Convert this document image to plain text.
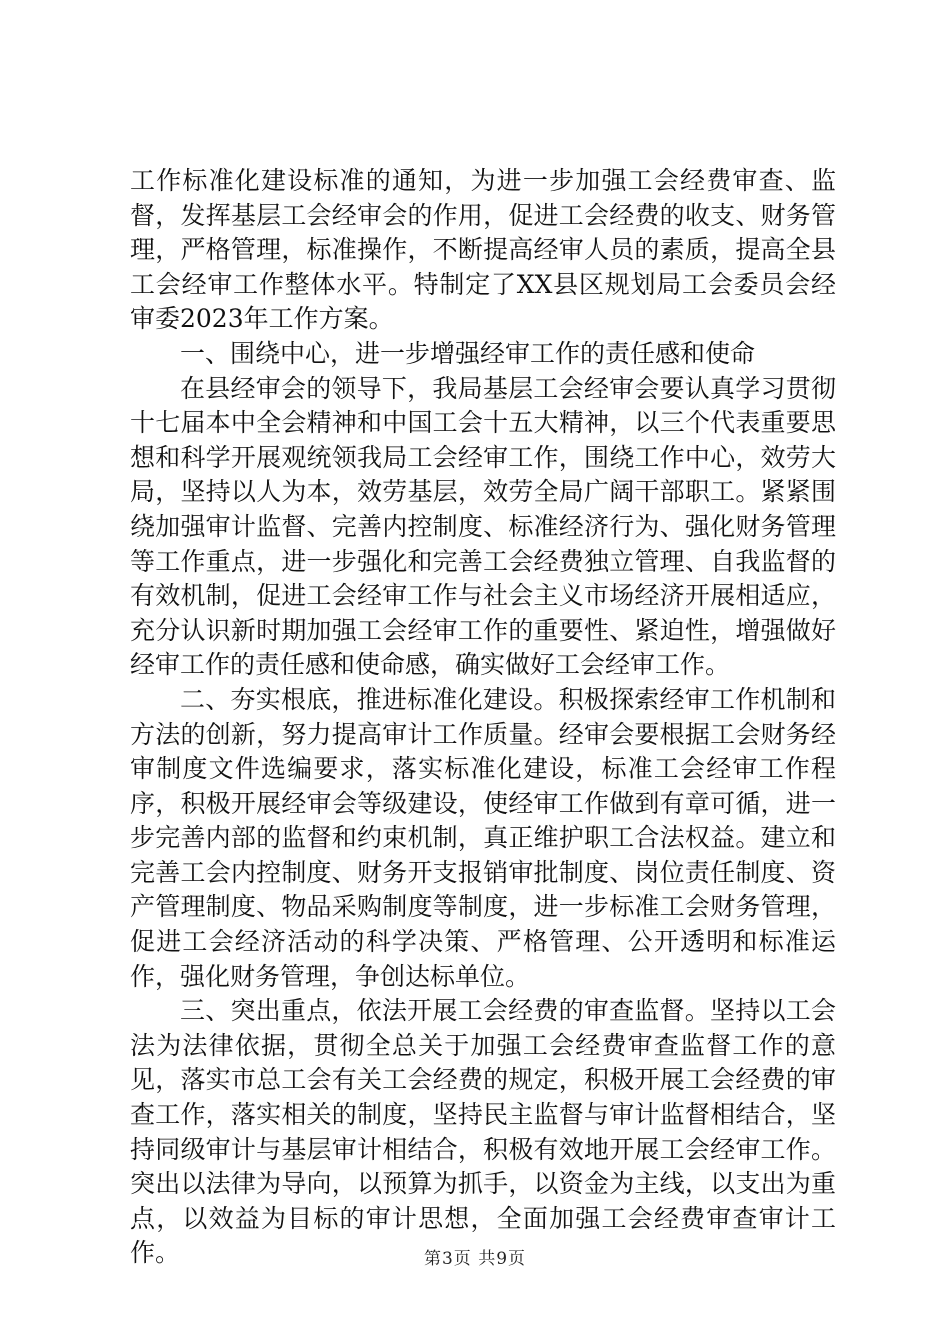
工作标准化建设标准的通知，为进一步加强工会经费审查、监督，发挥基层工会经审会的作用，促进工会经费的收支、财务管理，严格管理，标准操作，不断提高经审人员的素质，提高全县工会经审工作整体水平。特制定了XX县区规划局工会委员会经审委2023年工作方案。

一、围绕中心，进一步增强经审工作的责任感和使命

在县经审会的领导下，我局基层工会经审会要认真学习贯彻十七届本中全会精神和中国工会十五大精神，以三个代表重要思想和科学开展观统领我局工会经审工作，围绕工作中心，效劳大局，坚持以人为本，效劳基层，效劳全局广阔干部职工。紧紧围绕加强审计监督、完善内控制度、标准经济行为、强化财务管理等工作重点，进一步强化和完善工会经费独立管理、自我监督的有效机制，促进工会经审工作与社会主义市场经济开展相适应，充分认识新时期加强工会经审工作的重要性、紧迫性，增强做好经审工作的责任感和使命感，确实做好工会经审工作。

二、夯实根底，推进标准化建设。积极探索经审工作机制和方法的创新，努力提高审计工作质量。经审会要根据工会财务经审制度文件选编要求，落实标准化建设，标准工会经审工作程序，积极开展经审会等级建设，使经审工作做到有章可循，进一步完善内部的监督和约束机制，真正维护职工合法权益。建立和完善工会内控制度、财务开支报销审批制度、岗位责任制度、资产管理制度、物品采购制度等制度，进一步标准工会财务管理，促进工会经济活动的科学决策、严格管理、公开透明和标准运作，强化财务管理，争创达标单位。

三、突出重点，依法开展工会经费的审查监督。坚持以工会法为法律依据，贯彻全总关于加强工会经费审查监督工作的意见，落实市总工会有关工会经费的规定，积极开展工会经费的审查工作，落实相关的制度，坚持民主监督与审计监督相结合，坚持同级审计与基层审计相结合，积极有效地开展工会经审工作。突出以法律为导向，以预算为抓手，以资金为主线，以支出为重点，以效益为目标的审计思想，全面加强工会经费审查审计工作。	第3页 共9页
